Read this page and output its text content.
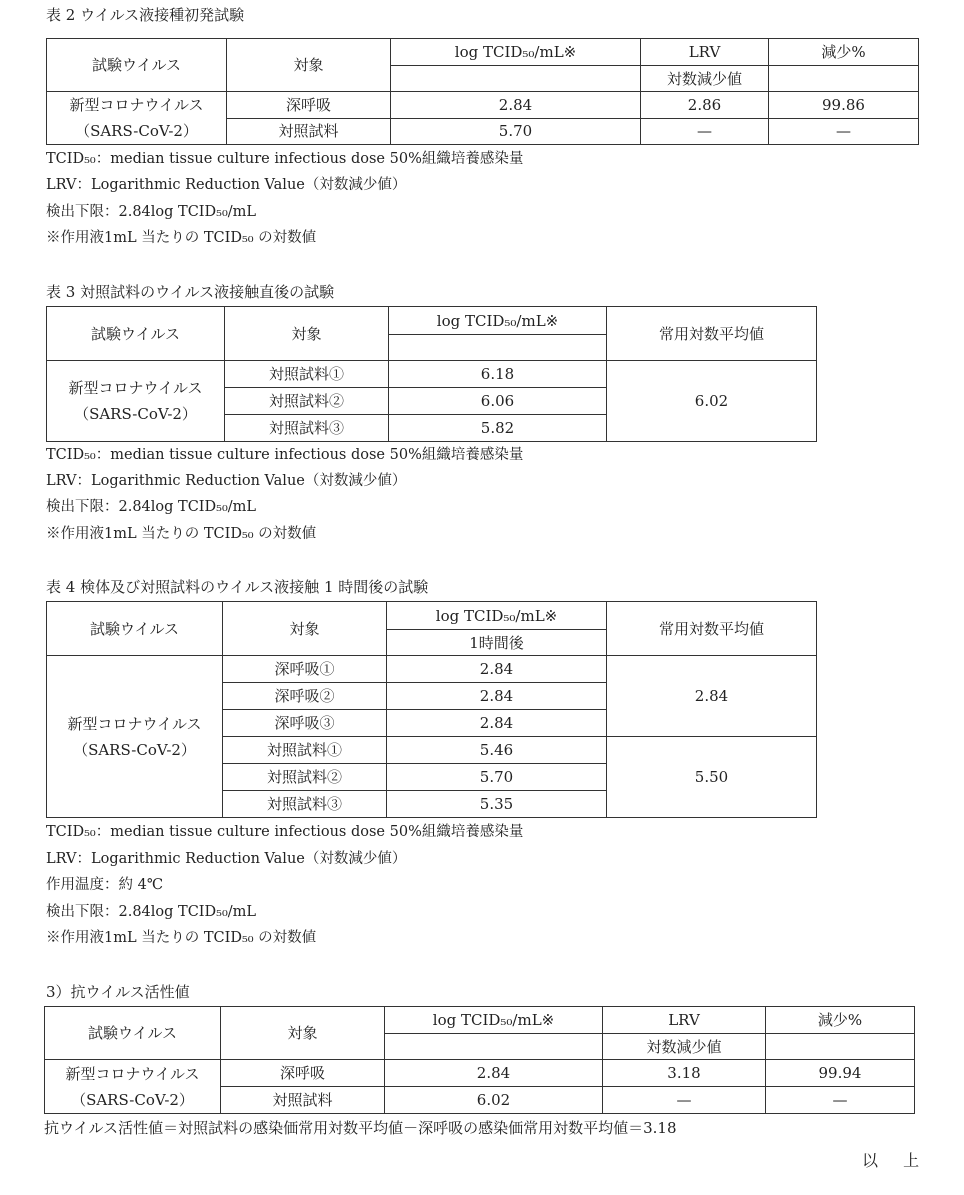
表 2 ウイルス液接種初発試験
試験ウイルス	対象	log TCID₅₀/mL※	LRV	減少%
			対数減少値	
新型コロナウイルス
（SARS-CoV-2）	深呼吸	2.84	2.86	99.86
	対照試料	5.70	—	—
TCID₅₀：median tissue culture infectious dose 50%組織培養感染量
LRV：Logarithmic Reduction Value（対数減少値）
検出下限：2.84log TCID₅₀/mL
※作用液1mL 当たりの TCID₅₀ の対数値
表 3 対照試料のウイルス液接触直後の試験
試験ウイルス	対象	log TCID₅₀/mL※	常用対数平均値

新型コロナウイルス
（SARS-CoV-2）	対照試料①	6.18	6.02
	対照試料②	6.06	
	対照試料③	5.82	
TCID₅₀：median tissue culture infectious dose 50%組織培養感染量
LRV：Logarithmic Reduction Value（対数減少値）
検出下限：2.84log TCID₅₀/mL
※作用液1mL 当たりの TCID₅₀ の対数値
表 4 検体及び対照試料のウイルス液接触 1 時間後の試験
試験ウイルス	対象	log TCID₅₀/mL※	常用対数平均値
		1時間後	
新型コロナウイルス
（SARS-CoV-2）	深呼吸①	2.84	2.84
	深呼吸②	2.84	
	深呼吸③	2.84	
	対照試料①	5.46	5.50
	対照試料②	5.70	
	対照試料③	5.35	
TCID₅₀：median tissue culture infectious dose 50%組織培養感染量
LRV：Logarithmic Reduction Value（対数減少値）
作用温度：約 4℃
検出下限：2.84log TCID₅₀/mL
※作用液1mL 当たりの TCID₅₀ の対数値
3）抗ウイルス活性値
試験ウイルス	対象	log TCID₅₀/mL※	LRV	減少%
			対数減少値	
新型コロナウイルス
（SARS-CoV-2）	深呼吸	2.84	3.18	99.94
	対照試料	6.02	—	—
抗ウイルス活性値＝対照試料の感染価常用対数平均値－深呼吸の感染価常用対数平均値＝3.18
以 上
